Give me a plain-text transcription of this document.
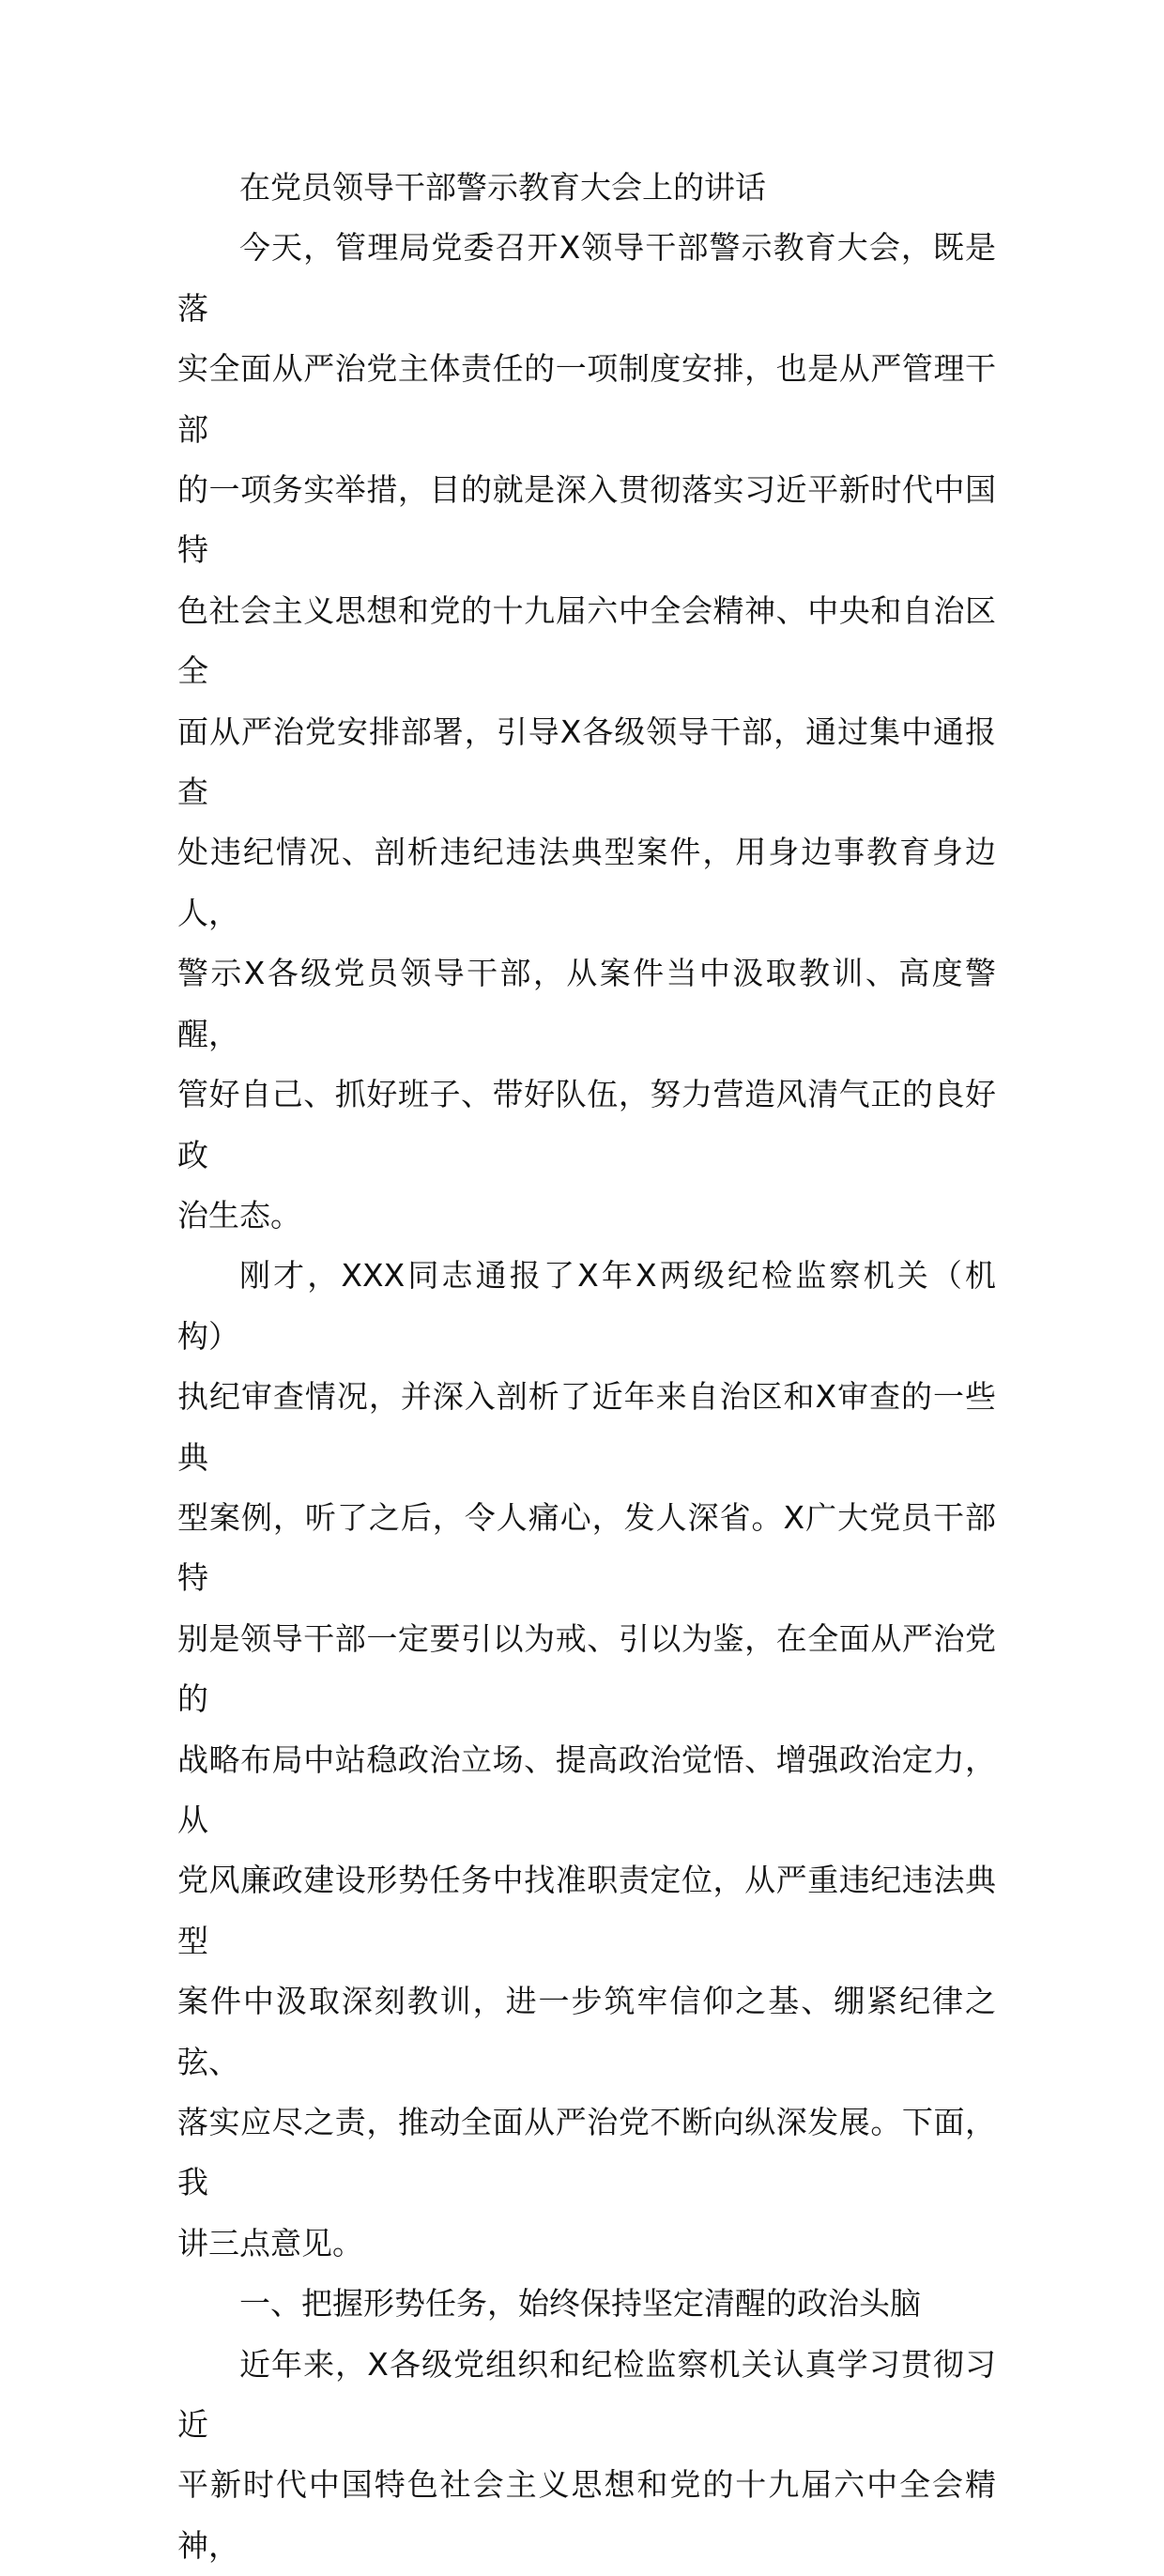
在党员领导干部警示教育大会上的讲话

今天，管理局党委召开X领导干部警示教育大会，既是落
实全面从严治党主体责任的一项制度安排，也是从严管理干部
的一项务实举措，目的就是深入贯彻落实习近平新时代中国特
色社会主义思想和党的十九届六中全会精神、中央和自治区全
面从严治党安排部署，引导X各级领导干部，通过集中通报查
处违纪情况、剖析违纪违法典型案件，用身边事教育身边人，
警示X各级党员领导干部，从案件当中汲取教训、高度警醒，
管好自己、抓好班子、带好队伍，努力营造风清气正的良好政
治生态。

刚才，XXX同志通报了X年X两级纪检监察机关（机构）
执纪审查情况，并深入剖析了近年来自治区和X审查的一些典
型案例，听了之后，令人痛心，发人深省。X广大党员干部特
别是领导干部一定要引以为戒、引以为鉴，在全面从严治党的
战略布局中站稳政治立场、提高政治觉悟、增强政治定力，从
党风廉政建设形势任务中找准职责定位，从严重违纪违法典型
案件中汲取深刻教训，进一步筑牢信仰之基、绷紧纪律之弦、
落实应尽之责，推动全面从严治党不断向纵深发展。下面，我
讲三点意见。

一、把握形势任务，始终保持坚定清醒的政治头脑

近年来，X各级党组织和纪检监察机关认真学习贯彻习近
平新时代中国特色社会主义思想和党的十九届六中全会精神，
